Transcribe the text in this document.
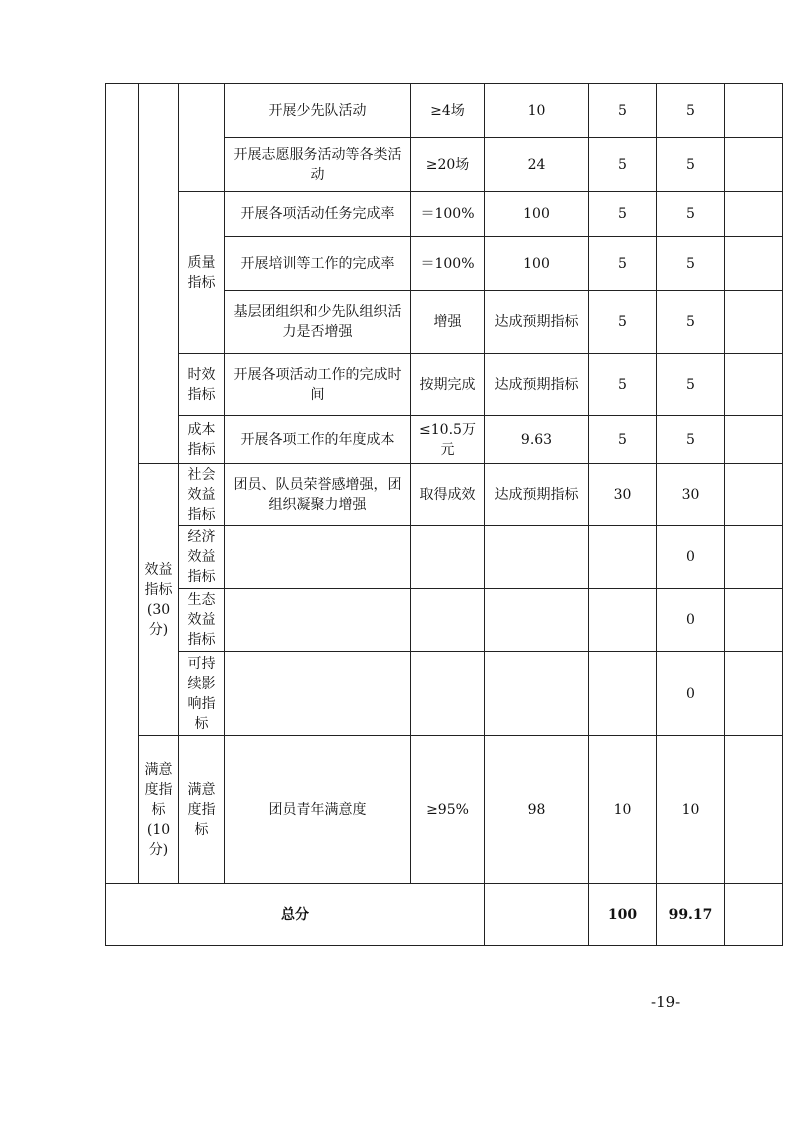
			开展少先队活动	≥4场	10	5	5	
			开展志愿服务活动等各类活动	≥20场	24	5	5	
		质量指标	开展各项活动任务完成率	＝100%	100	5	5	
			开展培训等工作的完成率	＝100%	100	5	5	
			基层团组织和少先队组织活力是否增强	增强	达成预期指标	5	5	
		时效指标	开展各项活动工作的完成时间	按期完成	达成预期指标	5	5	
		成本指标	开展各项工作的年度成本	≤10.5万元	9.63	5	5	
	效益指标(30分)	社会效益指标	团员、队员荣誉感增强，团组织凝聚力增强	取得成效	达成预期指标	30	30	
		经济效益指标					0	
		生态效益指标					0	
		可持续影响指标					0	
	满意度指标(10分)	满意度指标	团员青年满意度	≥95%	98	10	10	
总分						100	99.17	
-19-
